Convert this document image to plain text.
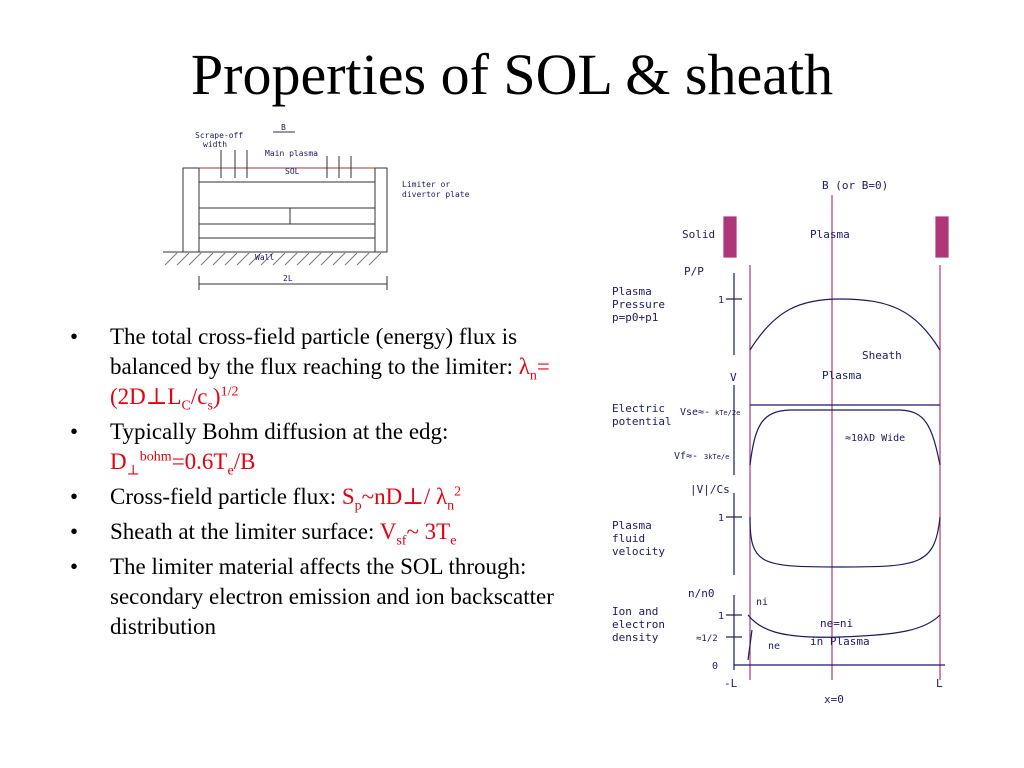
Properties of SOL & sheath
Scrape-off
width
B
Main plasma
SOL
Wall
2L
Limiter or
divertor plate
• The total cross-field particle (energy) flux is balanced by the flux reaching to the limiter: $\lambda_n=(2D\perp L_C/c_s)^{1/2}$
• Typically Bohm diffusion at the edg:
$D_\perp^{bohm}=0.6T_e/B$
• Cross-field particle flux: $S_p\sim nD\perp/$ $\lambda_n^2$
• Sheath at the limiter surface: $V_{sf}\sim$ $3T_e$
• The limiter material affects the SOL through: secondary electron emission and ion backscatter distribution
B (or B=0)
Solid	Plasma
P/P
Plasma
Pressure
p=p0+p1
1
Sheath
V	Plasma
Electric
potential
Vse≈- kTe/2e
Vf≈- 3kTe/e
≈10λD Wide
|V|/Cs
1
Plasma
fluid
velocity
n/n0
1
≈1/2
0
ni
ne
ne=ni
in Plasma
Ion and
electron
density
-L	L
x=0
